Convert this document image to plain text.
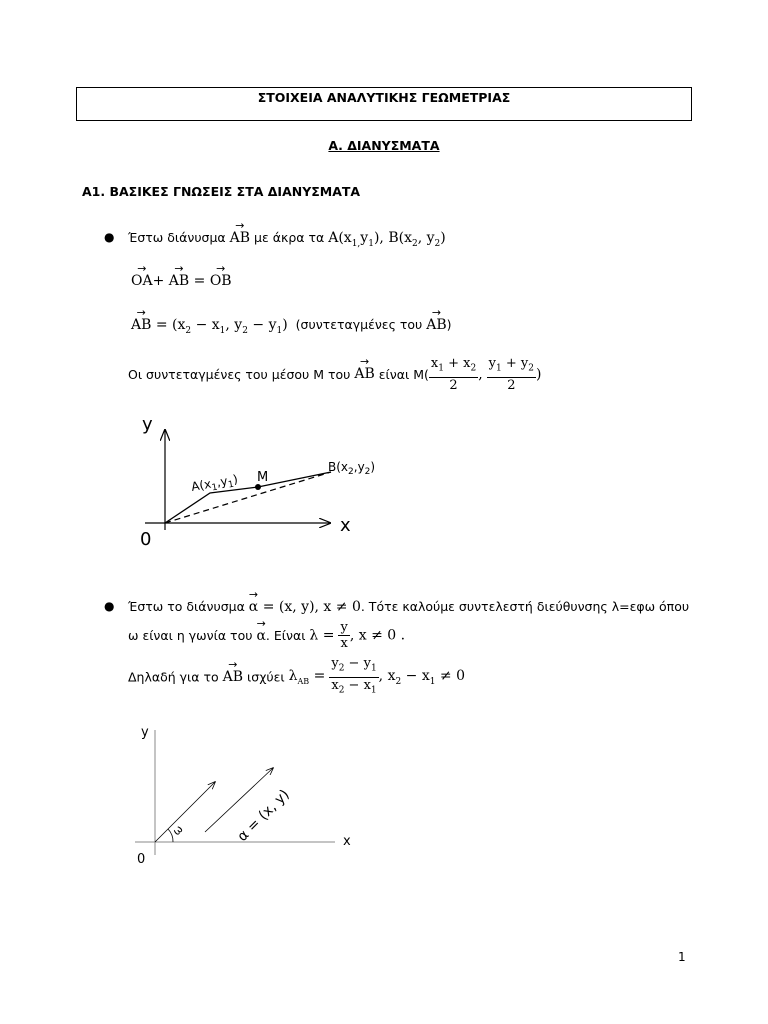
ΣΤΟΙΧΕΙΑ ΑΝΑΛΥΤΙΚΗΣ ΓΕΩΜΕΤΡΙΑΣ
Α. ΔΙΑΝΥΣΜΑΤΑ
Α1. ΒΑΣΙΚΕΣ ΓΝΩΣΕΙΣ ΣΤΑ ΔΙΑΝΥΣΜΑΤΑ
● Έστω διάνυσμα → AB με άκρα τα $A(x_{1,}y_1)$, $B(x_2$, $y_2$)
→ OA+ → AB = → OB
→ AB = ($x_2 - x_1$, $y_2 - y_1$) (συντεταγμένες του → AB)
Οι συντεταγμένες του μέσου Μ του → AB είναι $M( \frac{x_1 + x_2}{2}$ , $\frac{y_1 + y_2}{2}$ )
y
x
0
$A(x_1,y_1)$ M
$B(x_2,y_2)$
● Έστω το διάνυσμα → α = (x, y), x ≠ 0. Τότε καλούμε συντελεστή διεύθυνσης λ=εφω όπου
ω είναι η γωνία του → α. Είναι $\lambda = \frac{y}{x}$ , x ≠ 0 .
Δηλαδή για το → AB ισχύει $\lambda_{AB} = \frac{y_2 - y_1}{x_2 - x_1}$ , $x_2 - x_1 \ne 0$
y
x
0
ω	α = (x, y)
1
